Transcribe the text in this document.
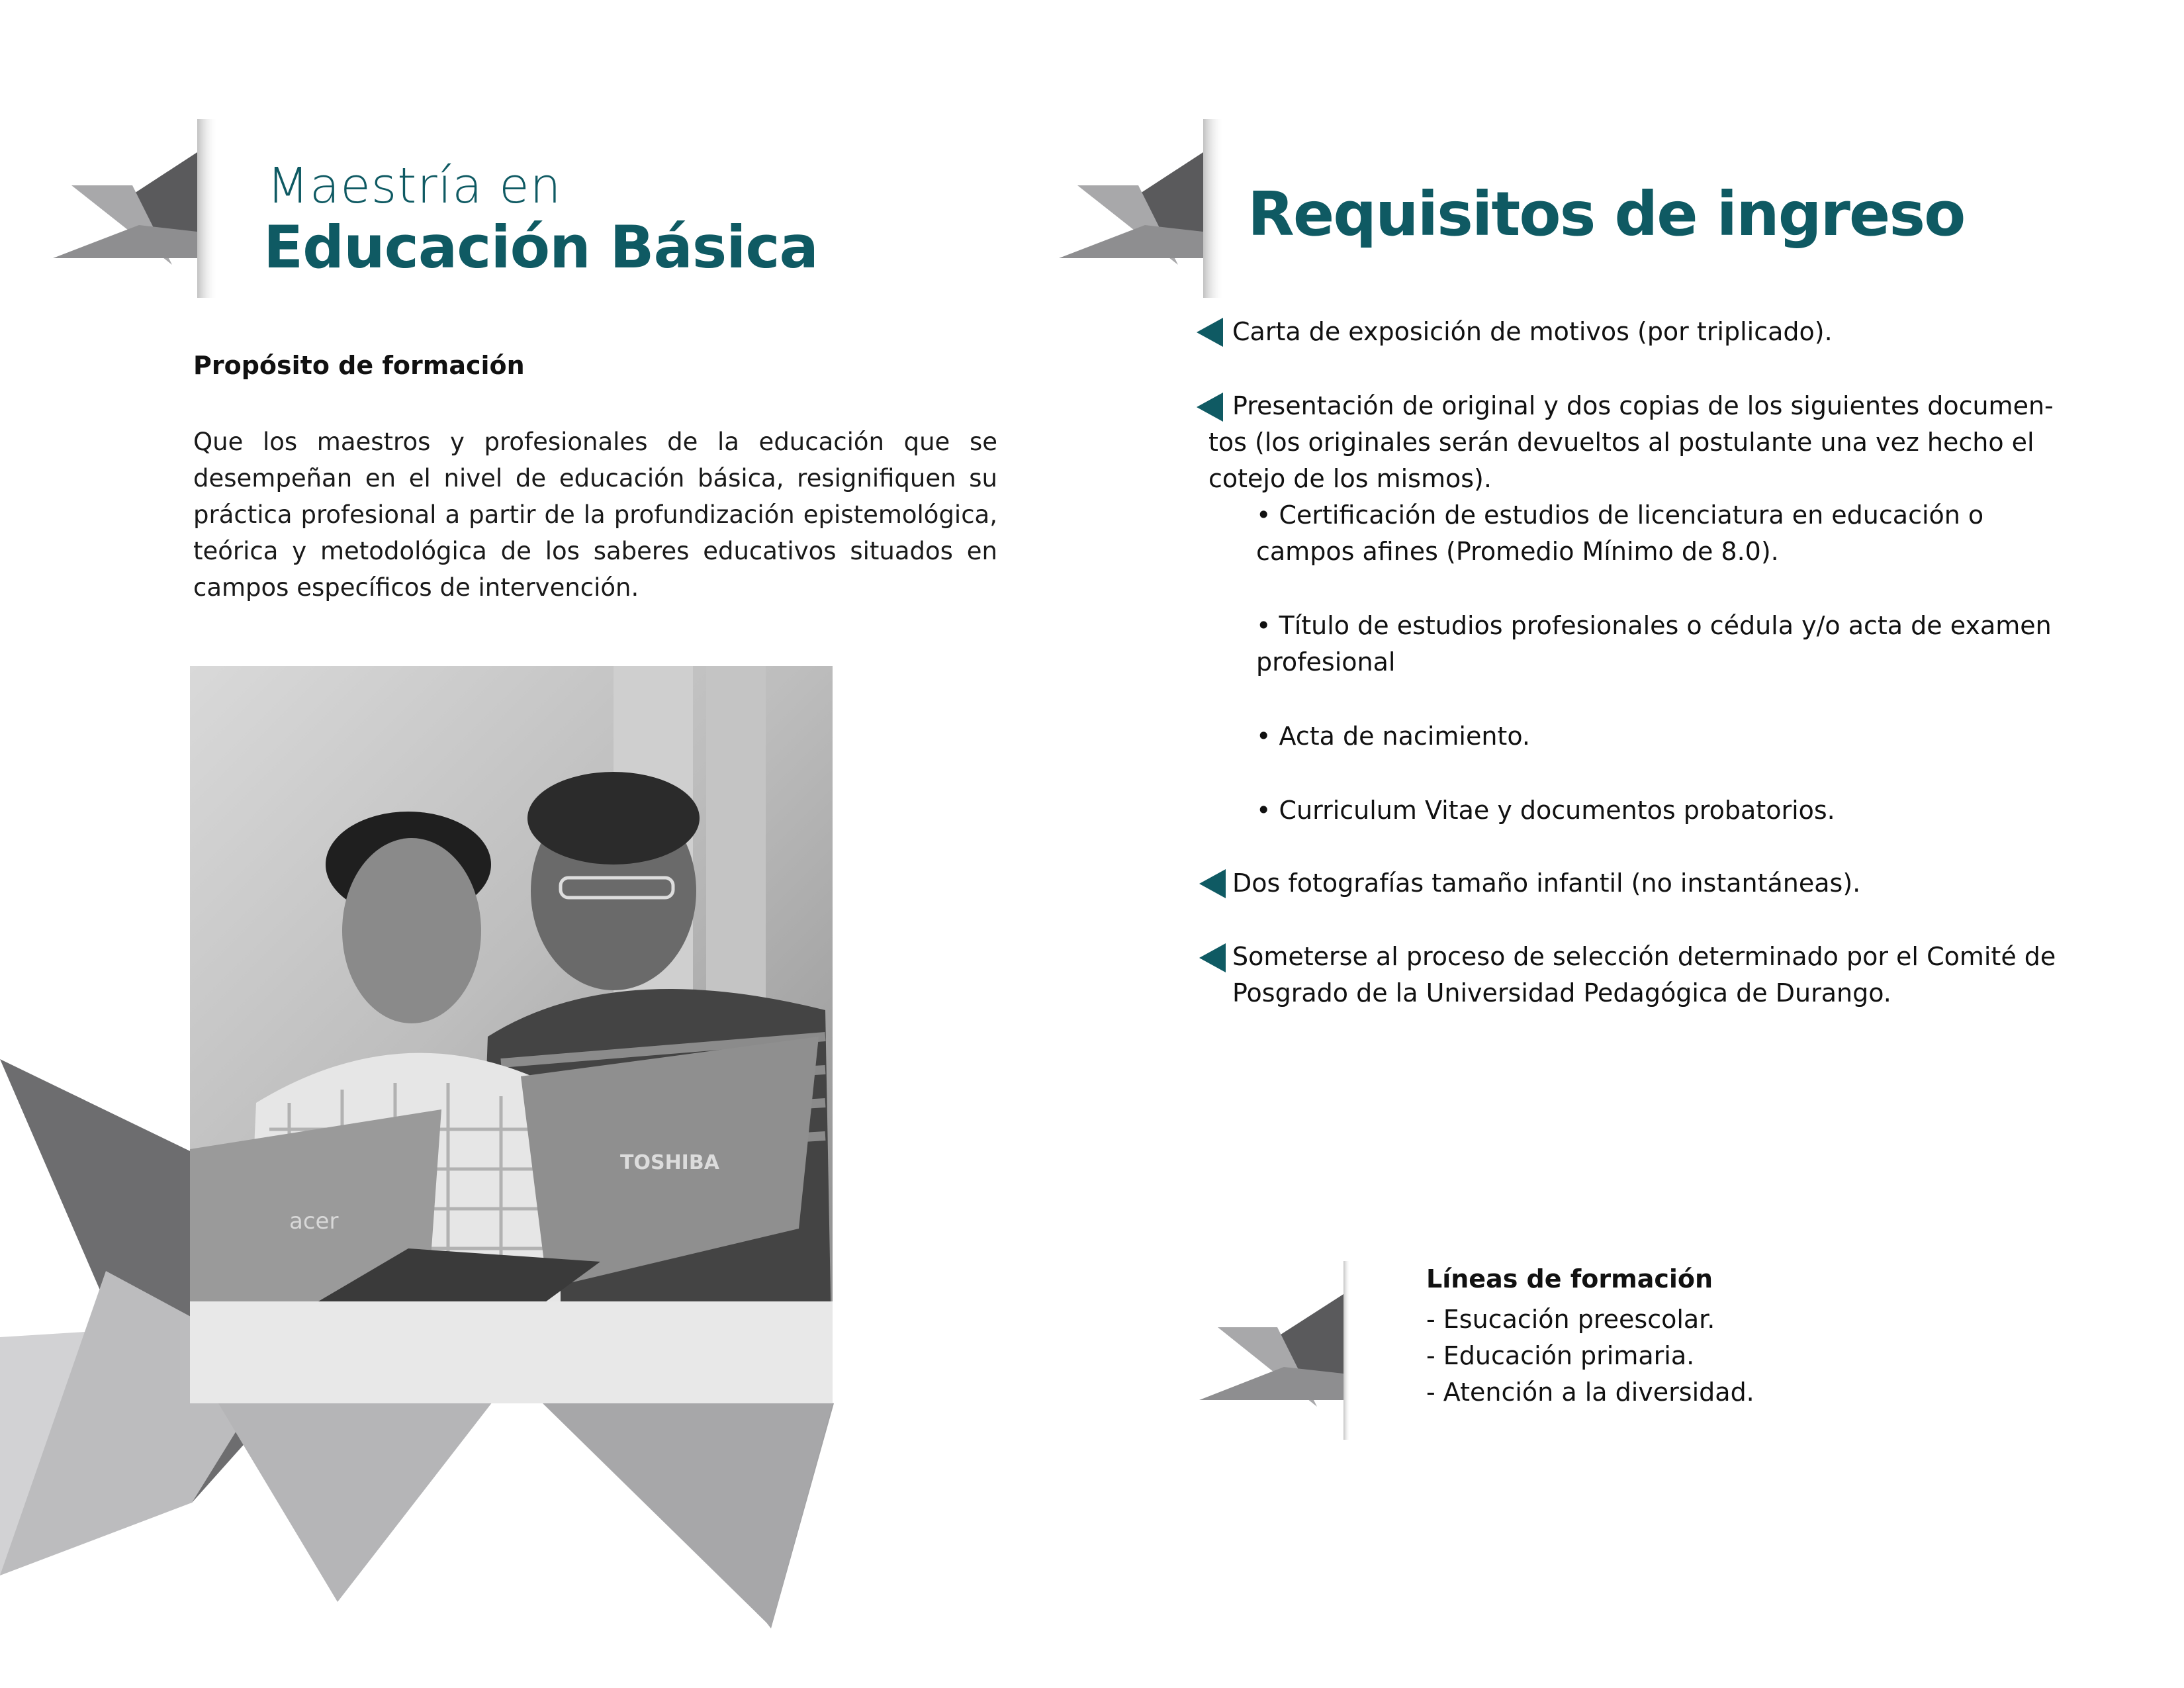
Maestría en
Educación Básica
Propósito de formación
Que los maestros y profesionales de la educación que se desempeñan en el nivel de educación básica, resignifiquen su práctica profesional a partir de la profundización epistemológica, teórica y metodológica de los saberes educativos situados en campos específicos de intervención.
acer
TOSHIBA
Requisitos de ingreso
Carta de exposición de motivos (por triplicado).
Presentación de original y dos copias de los siguientes documen-
tos (los originales serán devueltos al postulante una vez hecho el
cotejo de los mismos).
• Certificación de estudios de licenciatura en educación o
campos afines (Promedio Mínimo de 8.0).
• Título de estudios profesionales o cédula y/o acta de examen
profesional
• Acta de nacimiento.
• Curriculum Vitae y documentos probatorios.
Dos fotografías tamaño infantil (no instantáneas).
Someterse al proceso de selección determinado por el Comité de
Posgrado de la Universidad Pedagógica de Durango.
Líneas de formación
- Esucación preescolar.
- Educación primaria.
- Atención a la diversidad.
